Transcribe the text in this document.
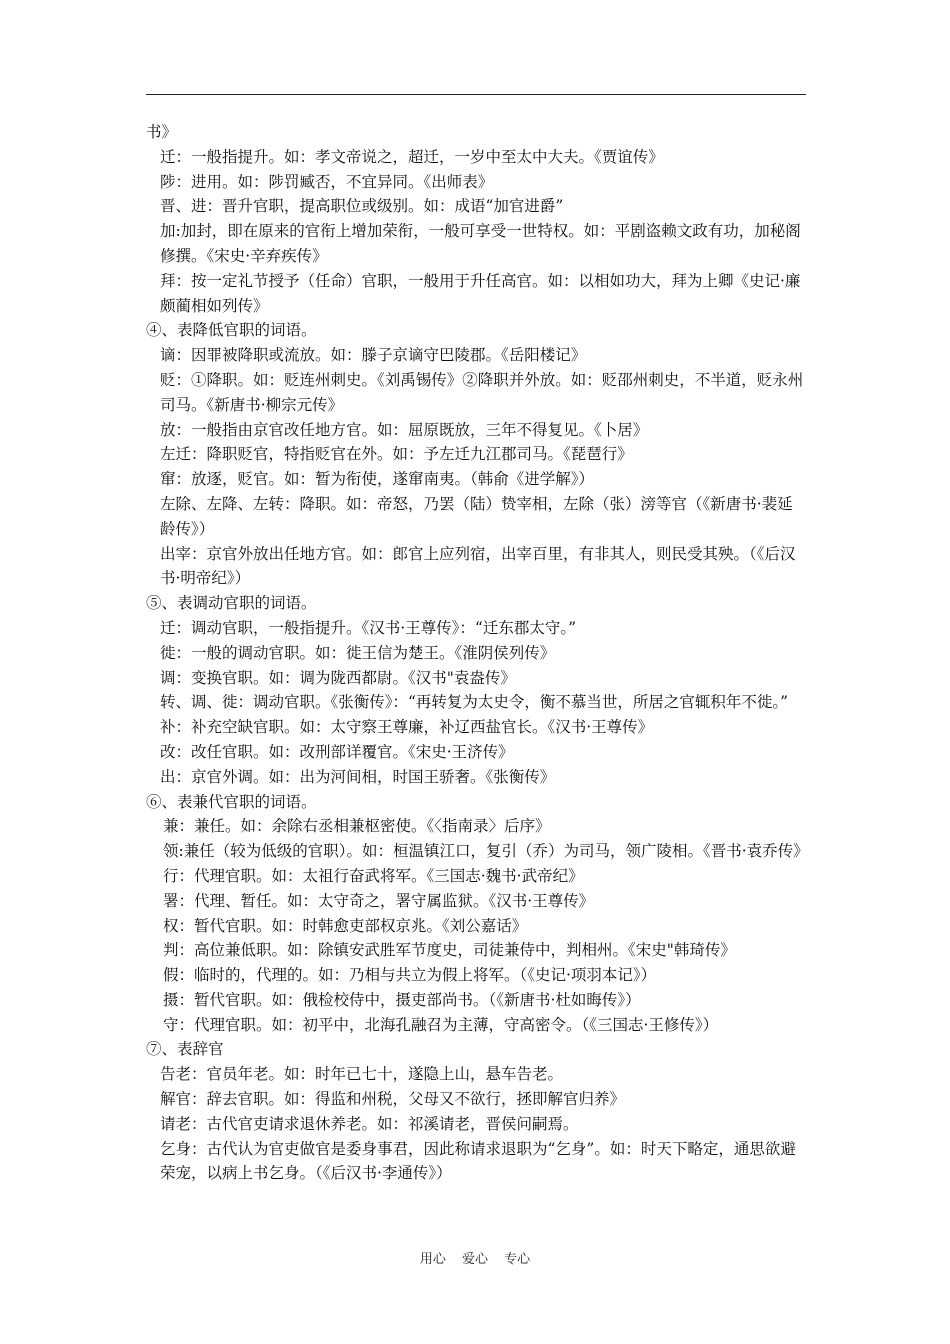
书》
迁：一般指提升。如：孝文帝说之，超迁，一岁中至太中大夫。《贾谊传》
陟：进用。如：陟罚臧否，不宜异同。《出师表》
晋、进：晋升官职，提高职位或级别。如：成语“加官进爵”
加:加封，即在原来的官衔上增加荣衔，一般可享受一世特权。如：平剧盗赖文政有功，加秘阁修撰。《宋史·辛弃疾传》
拜：按一定礼节授予（任命）官职，一般用于升任高官。如：以相如功大，拜为上卿《史记·廉颇蔺相如列传》
④、表降低官职的词语。
谪：因罪被降职或流放。如：滕子京谪守巴陵郡。《岳阳楼记》
贬：①降职。如：贬连州刺史。《刘禹锡传》②降职并外放。如：贬邵州刺史，不半道，贬永州司马。《新唐书·柳宗元传》
放：一般指由京官改任地方官。如：屈原既放，三年不得复见。《卜居》
左迁：降职贬官，特指贬官在外。如：予左迁九江郡司马。《琵琶行》
窜：放逐，贬官。如：暂为衔使，遂窜南夷。（韩俞《进学解》）
左除、左降、左转：降职。如：帝怒，乃罢（陆）贽宰相，左除（张）滂等官（《新唐书·裴延龄传》）
出宰：京官外放出任地方官。如：郎官上应列宿，出宰百里，有非其人，则民受其殃。（《后汉书·明帝纪》）
⑤、表调动官职的词语。
迁：调动官职，一般指提升。《汉书·王尊传》：“迁东郡太守。”
徙：一般的调动官职。如：徙王信为楚王。《淮阴侯列传》
调：变换官职。如：调为陇西都尉。《汉书"袁盎传》
转、调、徙：调动官职。《张衡传》：“再转复为太史令，衡不慕当世，所居之官辄积年不徙。”
补：补充空缺官职。如：太守察王尊廉，补辽西盐官长。《汉书·王尊传》
改：改任官职。如：改刑部详覆官。《宋史·王济传》
出：京官外调。如：出为河间相，时国王骄奢。《张衡传》
⑥、表兼代官职的词语。
兼：兼任。如：余除右丞相兼枢密使。《〈指南录〉后序》
领:兼任（较为低级的官职）。如：桓温镇江口，复引（乔）为司马，领广陵相。《晋书·袁乔传》
行：代理官职。如：太祖行奋武将军。《三国志·魏书·武帝纪》
署：代理、暂任。如：太守奇之，署守属监狱。《汉书·王尊传》
权：暂代官职。如：时韩愈吏部权京兆。《刘公嘉话》
判：高位兼低职。如：除镇安武胜军节度史，司徒兼侍中，判相州。《宋史"韩琦传》
假：临时的，代理的。如：乃相与共立为假上将军。（《史记·项羽本记》）
摄：暂代官职。如：俄检校侍中，摄吏部尚书。（《新唐书·杜如晦传》）
守：代理官职。如：初平中，北海孔融召为主薄，守高密令。（《三国志·王修传》）
⑦、表辞官
告老：官员年老。如：时年已七十，遂隐上山，悬车告老。
解官：辞去官职。如：得监和州税，父母又不欲行，拯即解官归养》
请老：古代官吏请求退休养老。如：祁溪请老，晋侯问嗣焉。
乞身：古代认为官吏做官是委身事君，因此称请求退职为“乞身”。如：时天下略定，通思欲避荣宠，以病上书乞身。（《后汉书·李通传》）
用心 爱心 专心
